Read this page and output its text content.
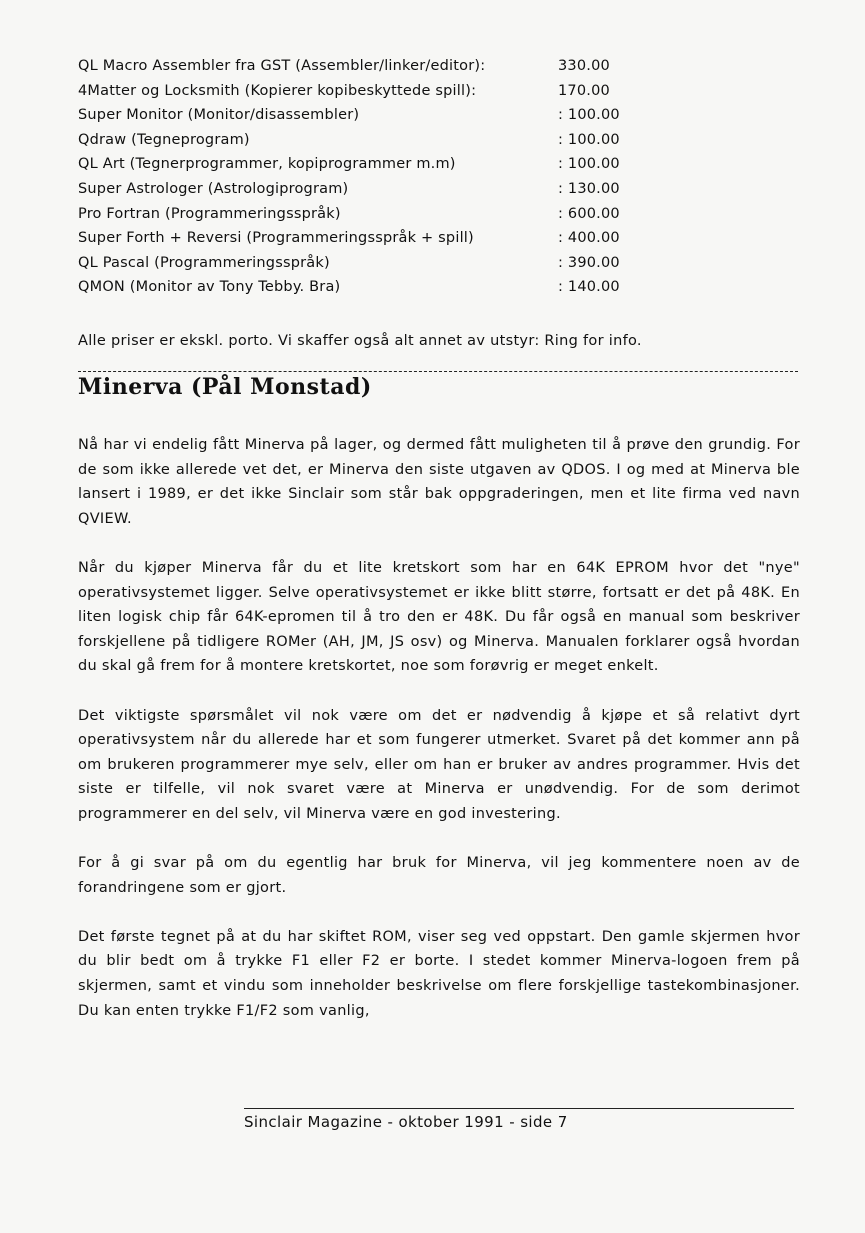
QL Macro Assembler fra GST (Assembler/linker/editor):	330.00
4Matter og Locksmith (Kopierer kopibeskyttede spill):	170.00
Super Monitor (Monitor/disassembler)	: 100.00
Qdraw (Tegneprogram)	: 100.00
QL Art (Tegnerprogrammer, kopiprogrammer m.m)	: 100.00
Super Astrologer (Astrologiprogram)	: 130.00
Pro Fortran (Programmeringsspråk)	: 600.00
Super Forth + Reversi (Programmeringsspråk + spill)	: 400.00
QL Pascal (Programmeringsspråk)	: 390.00
QMON (Monitor av Tony Tebby. Bra)	: 140.00
Alle priser er ekskl. porto. Vi skaffer også alt annet av utstyr: Ring for info.
Minerva (Pål Monstad)

Nå har vi endelig fått Minerva på lager, og dermed fått muligheten til å prøve den grundig. For de som ikke allerede vet det, er Minerva den siste utgaven av QDOS. I og med at Minerva ble lansert i 1989, er det ikke Sinclair som står bak oppgraderingen, men et lite firma ved navn QVIEW.

Når du kjøper Minerva får du et lite kretskort som har en 64K EPROM hvor det "nye" operativsystemet ligger. Selve operativsystemet er ikke blitt større, fortsatt er det på 48K. En liten logisk chip får 64K-epromen til å tro den er 48K. Du får også en manual som beskriver forskjellene på tidligere ROMer (AH, JM, JS osv) og Minerva. Manualen forklarer også hvordan du skal gå frem for å montere kretskortet, noe som forøvrig er meget enkelt.

Det viktigste spørsmålet vil nok være om det er nødvendig å kjøpe et så relativt dyrt operativsystem når du allerede har et som fungerer utmerket. Svaret på det kommer ann på om brukeren programmerer mye selv, eller om han er bruker av andres programmer. Hvis det siste er tilfelle, vil nok svaret være at Minerva er unødvendig. For de som derimot programmerer en del selv, vil Minerva være en god investering.

For å gi svar på om du egentlig har bruk for Minerva, vil jeg kommentere noen av de forandringene som er gjort.

Det første tegnet på at du har skiftet ROM, viser seg ved oppstart. Den gamle skjermen hvor du blir bedt om å trykke F1 eller F2 er borte. I stedet kommer Minerva-logoen frem på skjermen, samt et vindu som inneholder beskrivelse om flere forskjellige tastekombinasjoner. Du kan enten trykke F1/F2 som vanlig,

Sinclair Magazine - oktober 1991 - side 7
